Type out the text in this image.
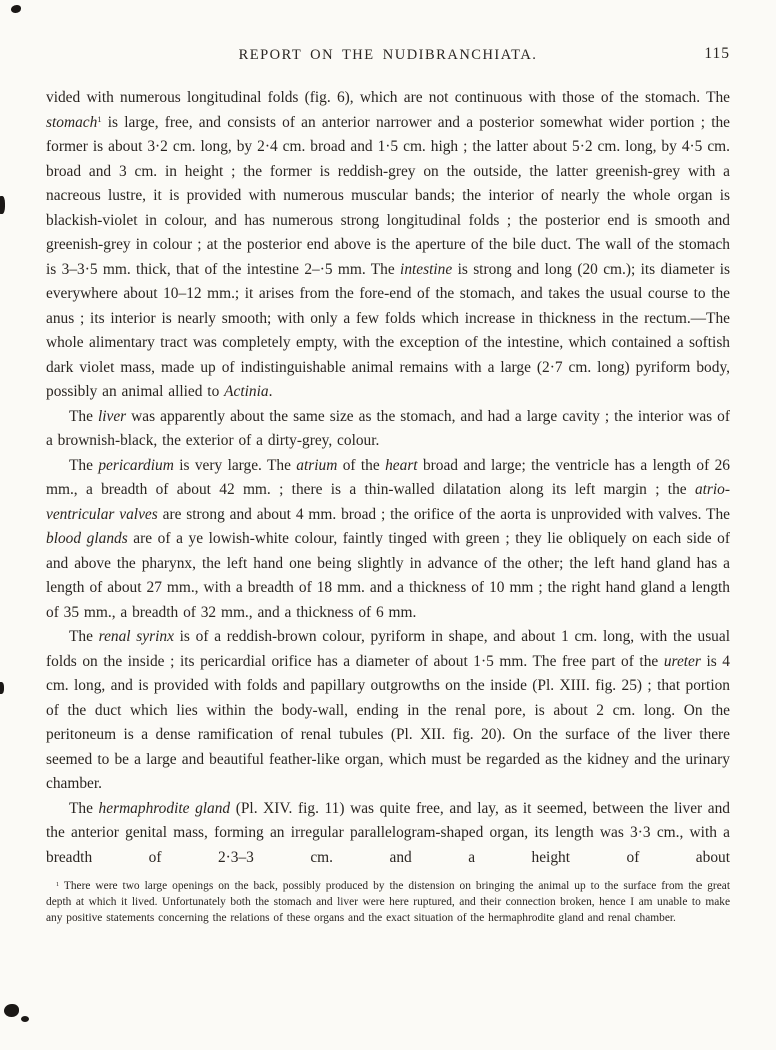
REPORT ON THE NUDIBRANCHIATA.	115

vided with numerous longitudinal folds (fig. 6), which are not continuous with those of the stomach. The stomach$^1$ is large, free, and consists of an anterior narrower and a posterior somewhat wider portion ; the former is about 3·2 cm. long, by 2·4 cm. broad and 1·5 cm. high ; the latter about 5·2 cm. long, by 4·5 cm. broad and 3 cm. in height ; the former is reddish-grey on the outside, the latter greenish-grey with a nacreous lustre, it is provided with numerous muscular bands; the interior of nearly the whole organ is blackish-violet in colour, and has numerous strong longitudinal folds ; the posterior end is smooth and greenish-grey in colour ; at the posterior end above is the aperture of the bile duct. The wall of the stomach is 3–3·5 mm. thick, that of the intestine 2–·5 mm. The intestine is strong and long (20 cm.); its diameter is everywhere about 10–12 mm.; it arises from the fore-end of the stomach, and takes the usual course to the anus ; its interior is nearly smooth; with only a few folds which increase in thickness in the rectum.—The whole alimentary tract was completely empty, with the exception of the intestine, which contained a softish dark violet mass, made up of indistinguishable animal remains with a large (2·7 cm. long) pyriform body, possibly an animal allied to Actinia.

The liver was apparently about the same size as the stomach, and had a large cavity ; the interior was of a brownish-black, the exterior of a dirty-grey, colour.

The pericardium is very large. The atrium of the heart broad and large; the ventricle has a length of 26 mm., a breadth of about 42 mm. ; there is a thin-walled dilatation along its left margin ; the atrio-ventricular valves are strong and about 4 mm. broad ; the orifice of the aorta is unprovided with valves. The blood glands are of a ye lowish-white colour, faintly tinged with green ; they lie obliquely on each side of and above the pharynx, the left hand one being slightly in advance of the other; the left hand gland has a length of about 27 mm., with a breadth of 18 mm. and a thickness of 10 mm ; the right hand gland a length of 35 mm., a breadth of 32 mm., and a thickness of 6 mm.

The renal syrinx is of a reddish-brown colour, pyriform in shape, and about 1 cm. long, with the usual folds on the inside ; its pericardial orifice has a diameter of about 1·5 mm. The free part of the ureter is 4 cm. long, and is provided with folds and papillary outgrowths on the inside (Pl. XIII. fig. 25) ; that portion of the duct which lies within the body-wall, ending in the renal pore, is about 2 cm. long. On the peritoneum is a dense ramification of renal tubules (Pl. XII. fig. 20). On the surface of the liver there seemed to be a large and beautiful feather-like organ, which must be regarded as the kidney and the urinary chamber.

The hermaphrodite gland (Pl. XIV. fig. 11) was quite free, and lay, as it seemed, between the liver and the anterior genital mass, forming an irregular parallelogram-shaped organ, its length was 3·3 cm., with a breadth of 2·3–3 cm. and a height of about

$^1$ There were two large openings on the back, possibly produced by the distension on bringing the animal up to the surface from the great depth at which it lived. Unfortunately both the stomach and liver were here ruptured, and their connection broken, hence I am unable to make any positive statements concerning the relations of these organs and the exact situation of the hermaphrodite gland and renal chamber.
